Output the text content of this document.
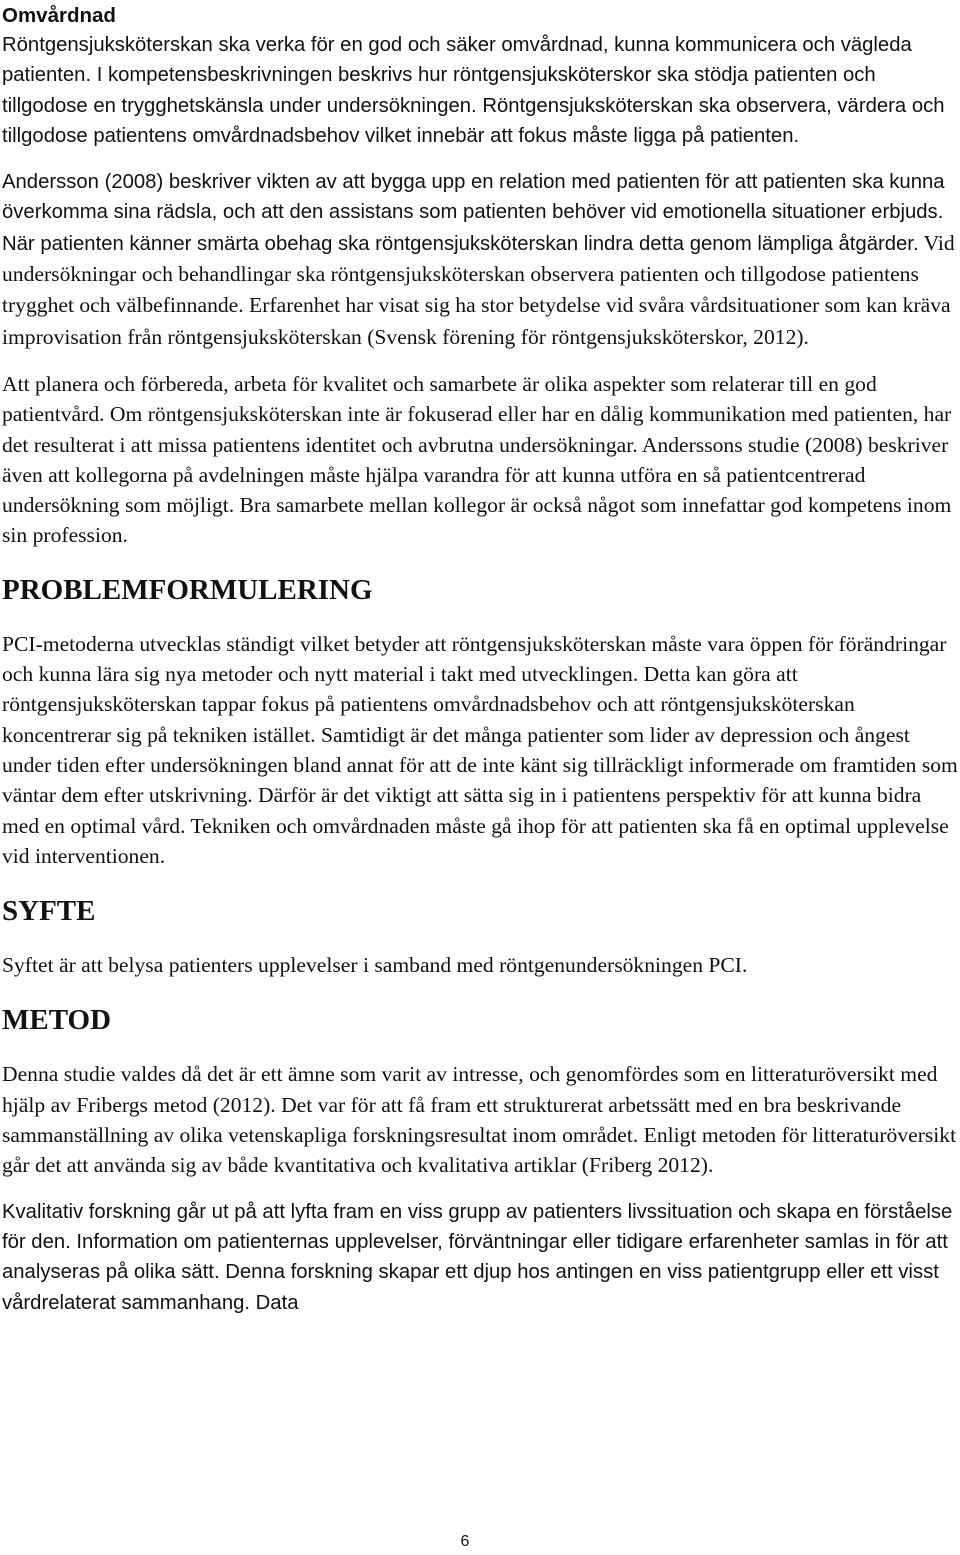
Omvårdnad

Röntgensjuksköterskan ska verka för en god och säker omvårdnad, kunna kommunicera och vägleda patienten. I kompetensbeskrivningen beskrivs hur röntgensjuksköterskor ska stödja patienten och tillgodose en trygghetskänsla under undersökningen. Röntgensjuksköterskan ska observera, värdera och tillgodose patientens omvårdnadsbehov vilket innebär att fokus måste ligga på patienten.

Andersson (2008) beskriver vikten av att bygga upp en relation med patienten för att patienten ska kunna överkomma sina rädsla, och att den assistans som patienten behöver vid emotionella situationer erbjuds. När patienten känner smärta obehag ska röntgensjuksköterskan lindra detta genom lämpliga åtgärder. Vid undersökningar och behandlingar ska röntgensjuksköterskan observera patienten och tillgodose patientens trygghet och välbefinnande. Erfarenhet har visat sig ha stor betydelse vid svåra vårdsituationer som kan kräva improvisation från röntgensjuksköterskan (Svensk förening för röntgensjuksköterskor, 2012).

Att planera och förbereda, arbeta för kvalitet och samarbete är olika aspekter som relaterar till en god patientvård. Om röntgensjuksköterskan inte är fokuserad eller har en dålig kommunikation med patienten, har det resulterat i att missa patientens identitet och avbrutna undersökningar. Anderssons studie (2008) beskriver även att kollegorna på avdelningen måste hjälpa varandra för att kunna utföra en så patientcentrerad undersökning som möjligt. Bra samarbete mellan kollegor är också något som innefattar god kompetens inom sin profession.

PROBLEMFORMULERING

PCI-metoderna utvecklas ständigt vilket betyder att röntgensjuksköterskan måste vara öppen för förändringar och kunna lära sig nya metoder och nytt material i takt med utvecklingen. Detta kan göra att röntgensjuksköterskan tappar fokus på patientens omvårdnadsbehov och att röntgensjuksköterskan koncentrerar sig på tekniken istället. Samtidigt är det många patienter som lider av depression och ångest under tiden efter undersökningen bland annat för att de inte känt sig tillräckligt informerade om framtiden som väntar dem efter utskrivning. Därför är det viktigt att sätta sig in i patientens perspektiv för att kunna bidra med en optimal vård. Tekniken och omvårdnaden måste gå ihop för att patienten ska få en optimal upplevelse vid interventionen.

SYFTE

Syftet är att belysa patienters upplevelser i samband med röntgenundersökningen PCI.

METOD

Denna studie valdes då det är ett ämne som varit av intresse, och genomfördes som en litteraturöversikt med hjälp av Fribergs metod (2012). Det var för att få fram ett strukturerat arbetssätt med en bra beskrivande sammanställning av olika vetenskapliga forskningsresultat inom området. Enligt metoden för litteraturöversikt går det att använda sig av både kvantitativa och kvalitativa artiklar (Friberg 2012).

Kvalitativ forskning går ut på att lyfta fram en viss grupp av patienters livssituation och skapa en förståelse för den. Information om patienternas upplevelser, förväntningar eller tidigare erfarenheter samlas in för att analyseras på olika sätt. Denna forskning skapar ett djup hos antingen en viss patientgrupp eller ett visst vårdrelaterat sammanhang. Data

6
